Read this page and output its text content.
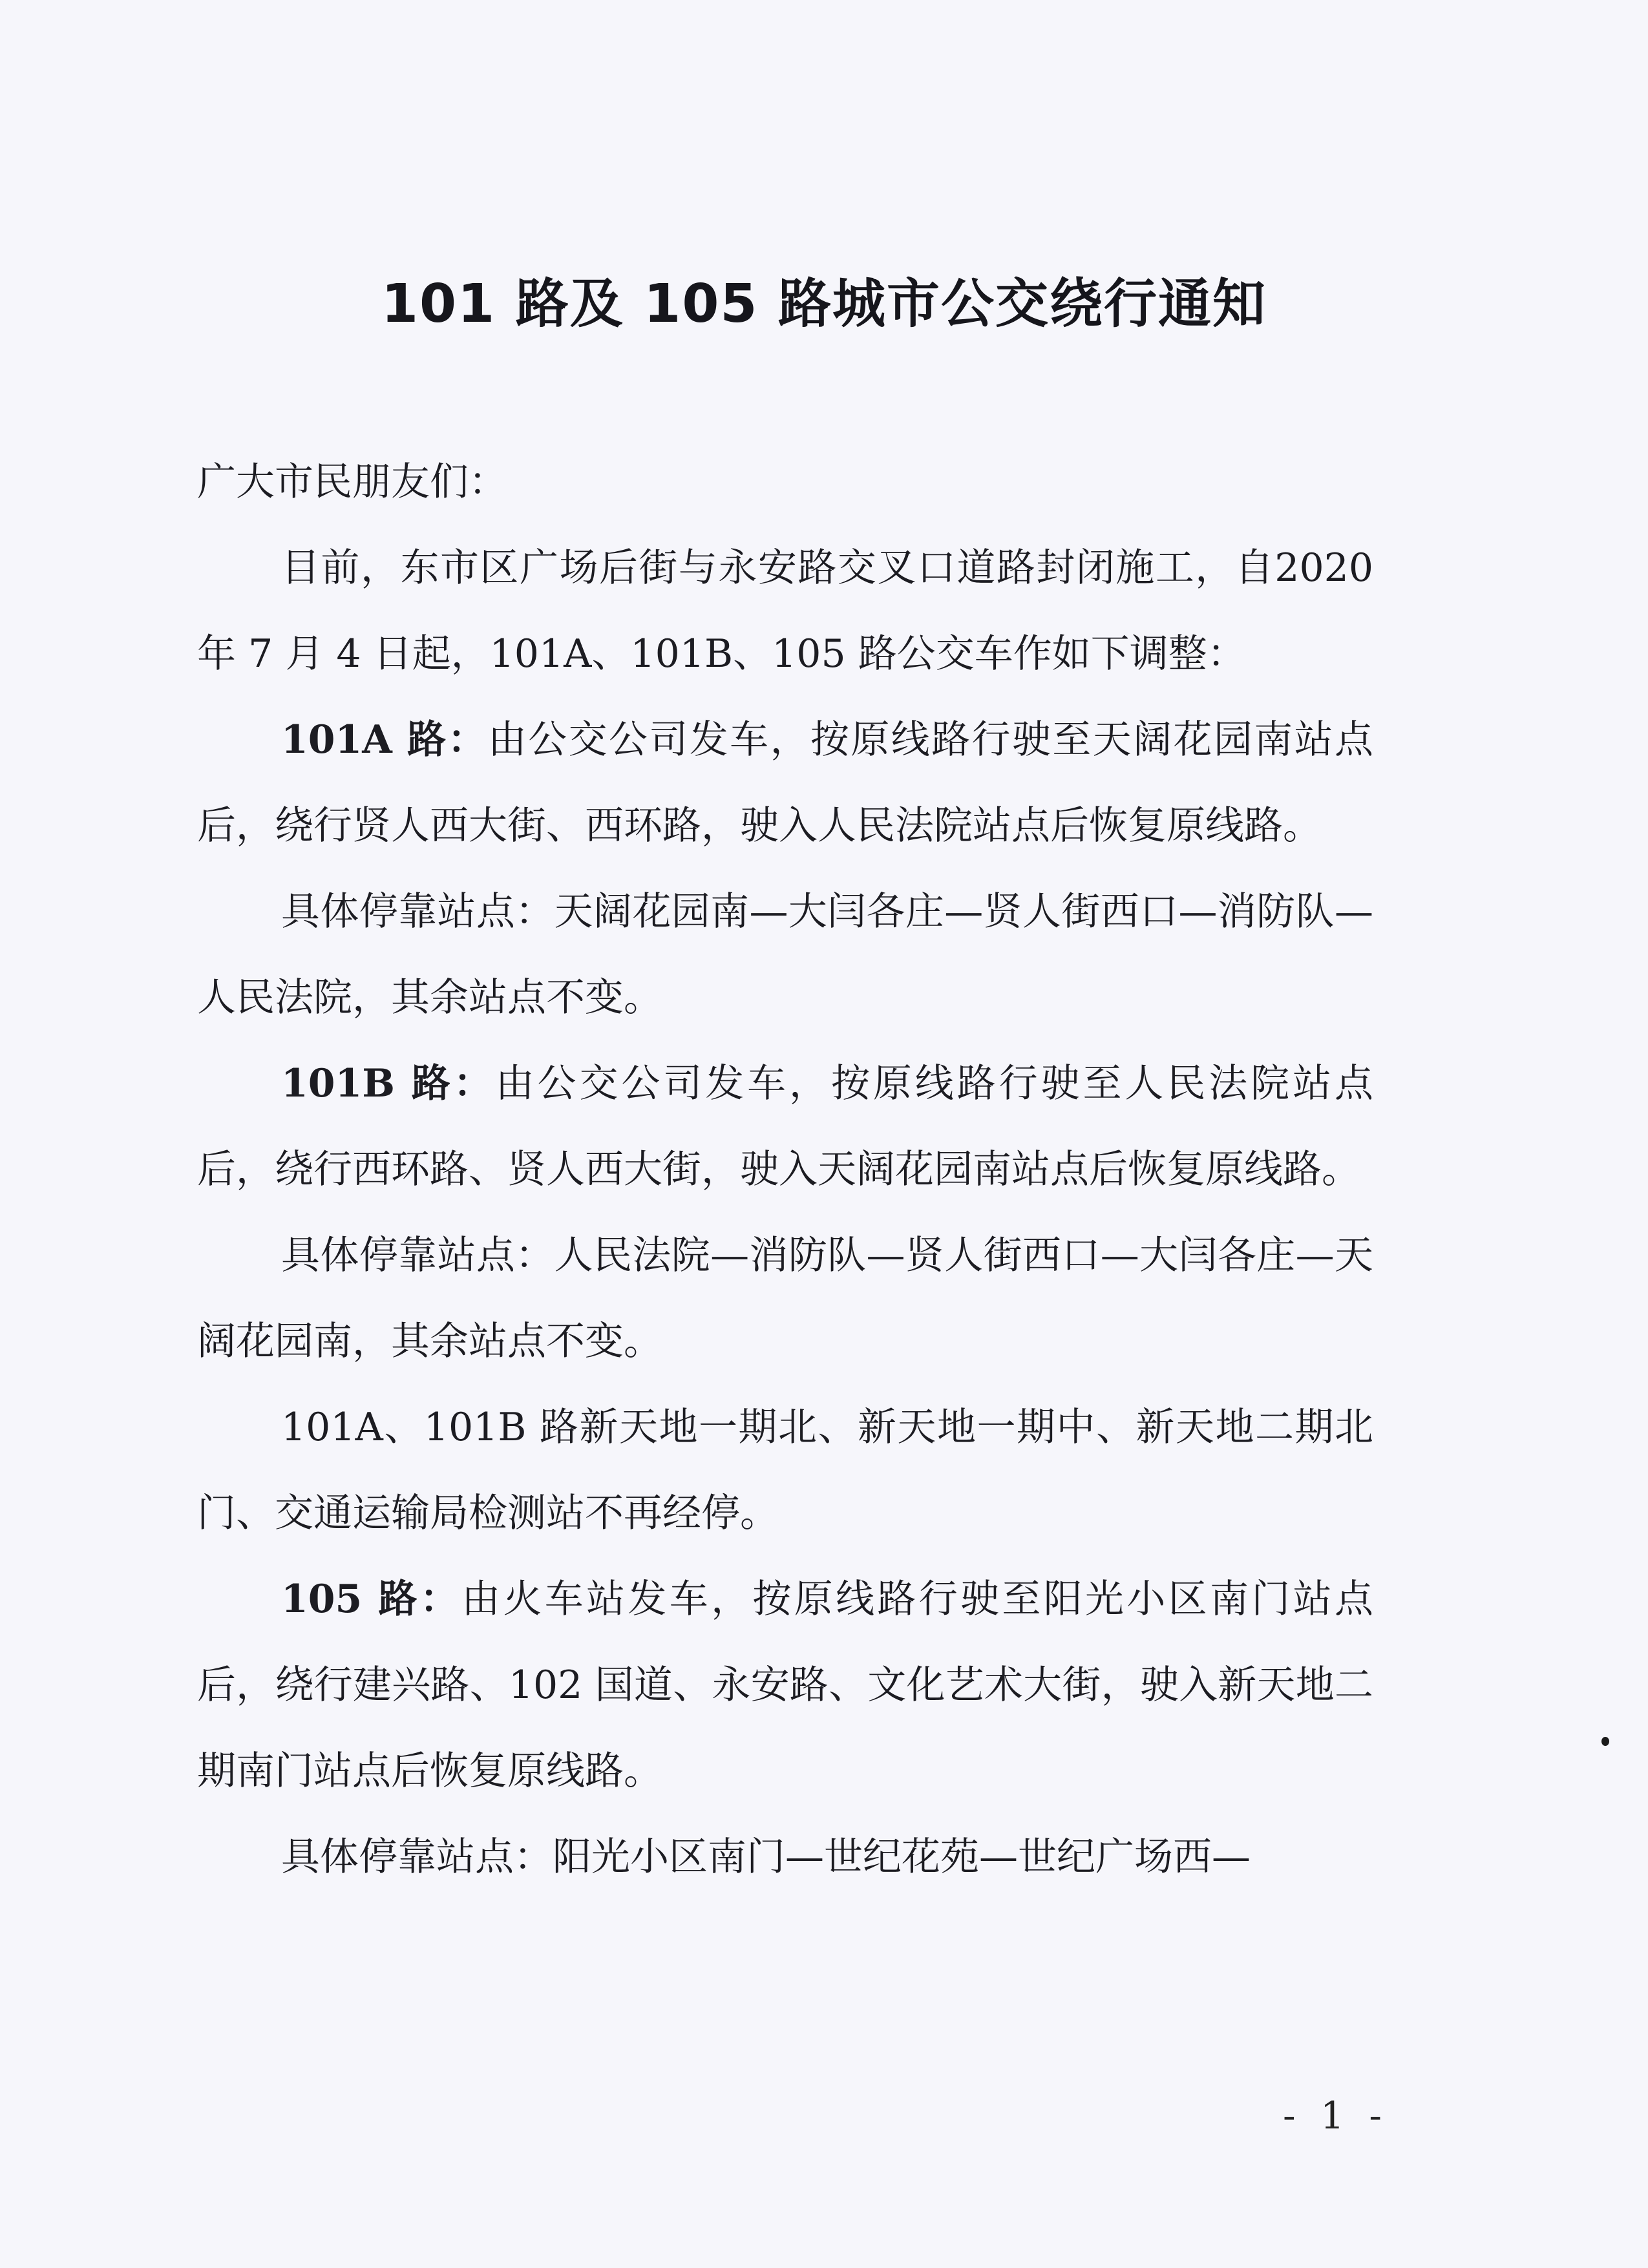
101 路及 105 路城市公交绕行通知

广大市民朋友们：

目前，东市区广场后街与永安路交叉口道路封闭施工，自2020 年 7 月 4 日起，101A、101B、105 路公交车作如下调整：

101A 路：由公交公司发车，按原线路行驶至天阔花园南站点后，绕行贤人西大街、西环路，驶入人民法院站点后恢复原线路。

具体停靠站点：天阔花园南—大闫各庄—贤人街西口—消防队—人民法院，其余站点不变。

101B 路：由公交公司发车，按原线路行驶至人民法院站点后，绕行西环路、贤人西大街，驶入天阔花园南站点后恢复原线路。

具体停靠站点：人民法院—消防队—贤人街西口—大闫各庄—天阔花园南，其余站点不变。

101A、101B 路新天地一期北、新天地一期中、新天地二期北门、交通运输局检测站不再经停。

105 路：由火车站发车，按原线路行驶至阳光小区南门站点后，绕行建兴路、102 国道、永安路、文化艺术大街，驶入新天地二期南门站点后恢复原线路。

具体停靠站点：阳光小区南门—世纪花苑—世纪广场西—

- 1 -
